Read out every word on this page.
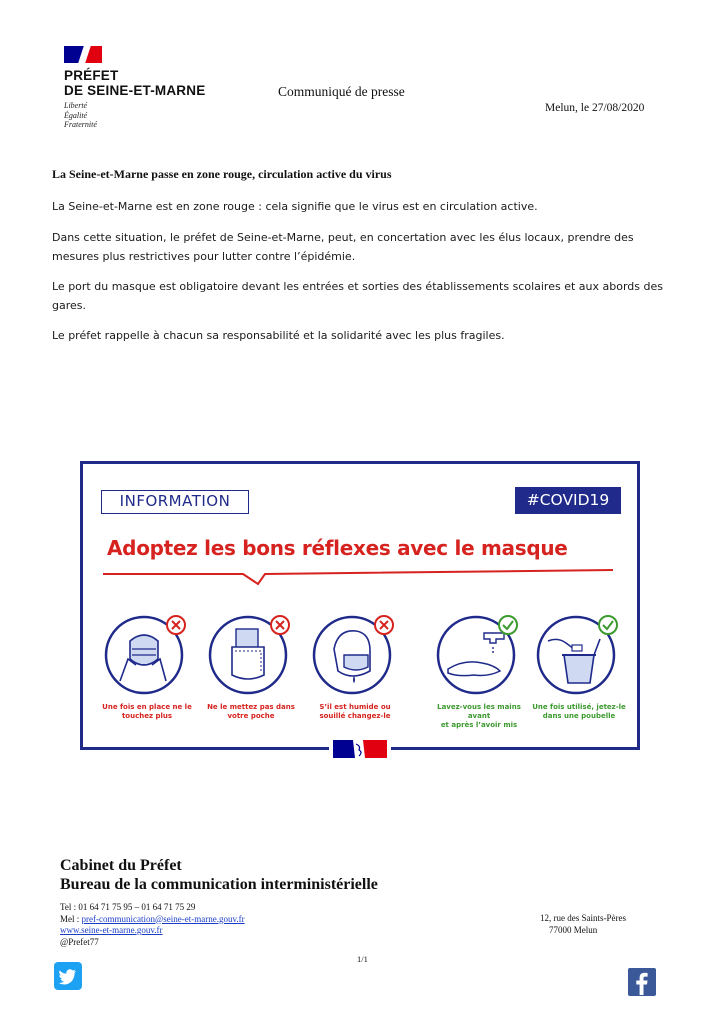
PRÉFET
DE SEINE-ET-MARNE
Liberté
Égalité
Fraternité
Communiqué de presse
Melun, le 27/08/2020
La Seine-et-Marne passe en zone rouge, circulation active du virus

La Seine-et-Marne est en zone rouge : cela signifie que le virus est en circulation active.

Dans cette situation, le préfet de Seine-et-Marne, peut, en concertation avec les élus locaux, prendre des mesures plus restrictives pour lutter contre l’épidémie.

Le port du masque est obligatoire devant les entrées et sorties des établissements scolaires et aux abords des gares.

Le préfet rappelle à chacun sa responsabilité et la solidarité avec les plus fragiles.

INFORMATION	#COVID19
Adoptez les bons réflexes avec le masque
Une fois en place ne le
touchez plus
Ne le mettez pas dans
votre poche
S’il est humide ou
souillé changez-le
Lavez-vous les mains avant
et après l’avoir mis
Une fois utilisé, jetez-le
dans une poubelle
Cabinet du Préfet
Bureau de la communication interministérielle
Tel : 01 64 71 75 95 – 01 64 71 75 29
Mel : pref-communication@seine-et-marne.gouv.fr
www.seine-et-marne.gouv.fr
@Prefet77
12, rue des Saints-Pères
77000 Melun
1/1
